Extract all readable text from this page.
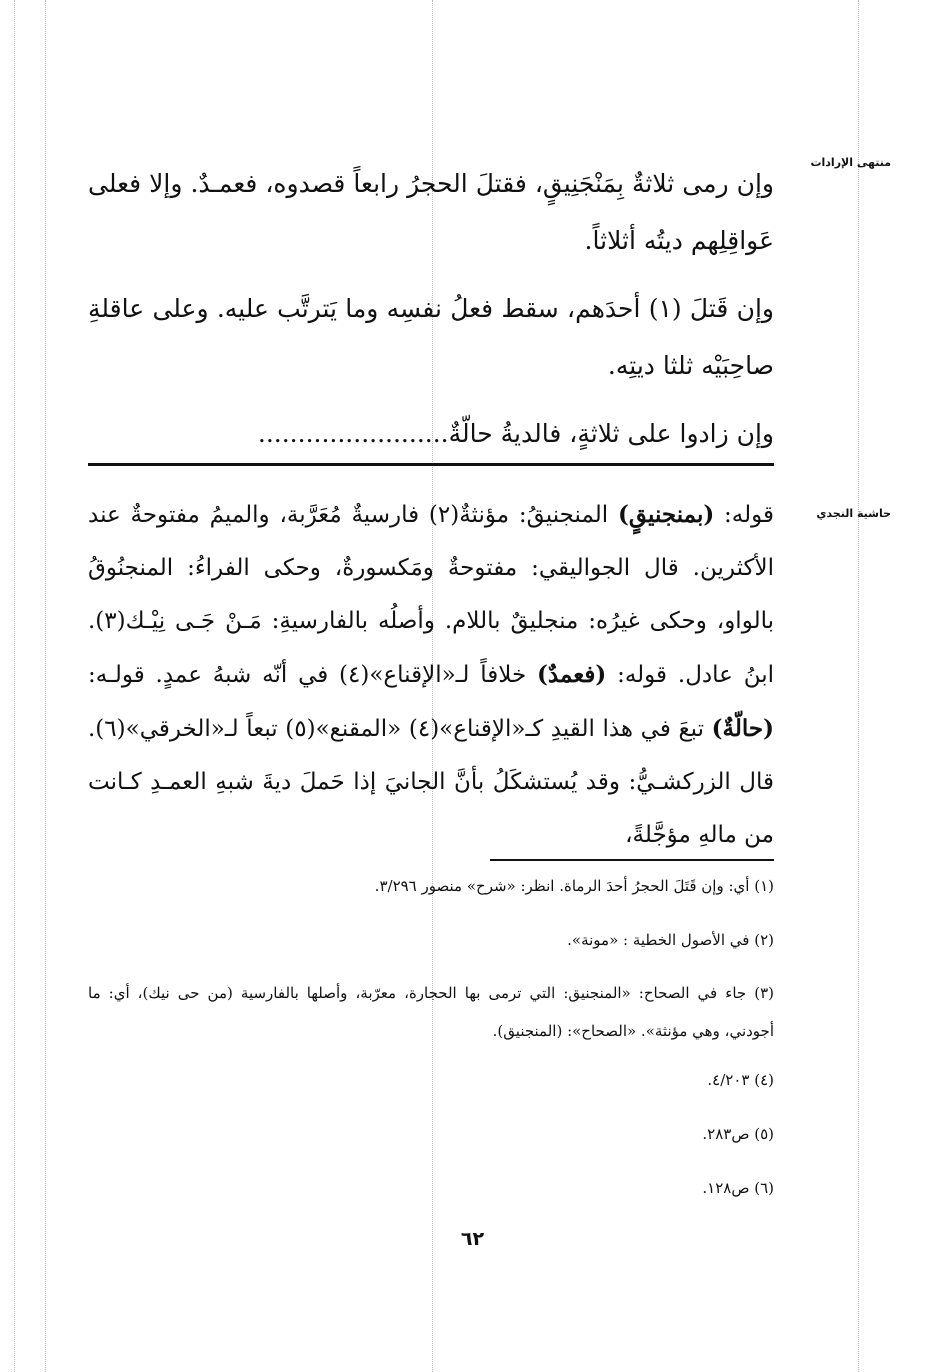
منتهى الإرادات
حاشية النجدي

وإن رمى ثلاثةٌ بِمَنْجَنِيقٍ، فقتلَ الحجرُ رابعاً قصدوه، فعمـدٌ. وإلا فعلى عَواقِلِهم ديتُه أثلاثاً.

وإن قَتلَ (١) أحدَهم، سقط فعلُ نفسِه وما يَترتَّب عليه. وعلى عاقلةِ صاحِبَيْه ثلثا ديتِه.

وإن زادوا على ثلاثةٍ، فالديةُ حالّةٌ........................

قوله: (بمنجنيقٍ) المنجنيقُ: مؤنثةٌ(٢) فارسيةٌ مُعَرَّبة، والميمُ مفتوحةٌ عند الأكثرين. قال الجواليقي: مفتوحةٌ ومَكسورةٌ، وحكى الفراءُ: المنجنُوقُ بالواو، وحكى غيرُه: منجليقٌ باللام. وأصلُه بالفارسيةِ: مَـنْ جَـى نِيْـك(٣). ابنُ عادل. قوله: (فعمدٌ) خلافاً لـ«الإقناع»(٤) في أنّه شبهُ عمدٍ. قولـه: (حالّةٌ) تبعَ في هذا القيدِ كـ«الإقناع»(٤) «المقنع»(٥) تبعاً لـ«الخرقي»(٦). قال الزركشـيُّ: وقد يُستشكَلُ بأنَّ الجانيَ إذا حَملَ ديةَ شبهِ العمـدِ كـانت من مالهِ مؤجَّلةً،

(١) أي: وإن قَتَلَ الحجرُ أحدَ الرماة. انظر: «شرح» منصور ٣/٢٩٦.

(٢) في الأصول الخطية : «مونة».

(٣) جاء في الصحاح: «المنجنيق: التي ترمى بها الحجارة، معرّبة، وأصلها بالفارسية (من حى نيك)، أي: ما أجودني، وهي مؤنثة». «الصحاح»: (المنجنيق).

(٤) ٤/٢٠٣.

(٥) ص٢٨٣.

(٦) ص١٢٨.

٦٢
